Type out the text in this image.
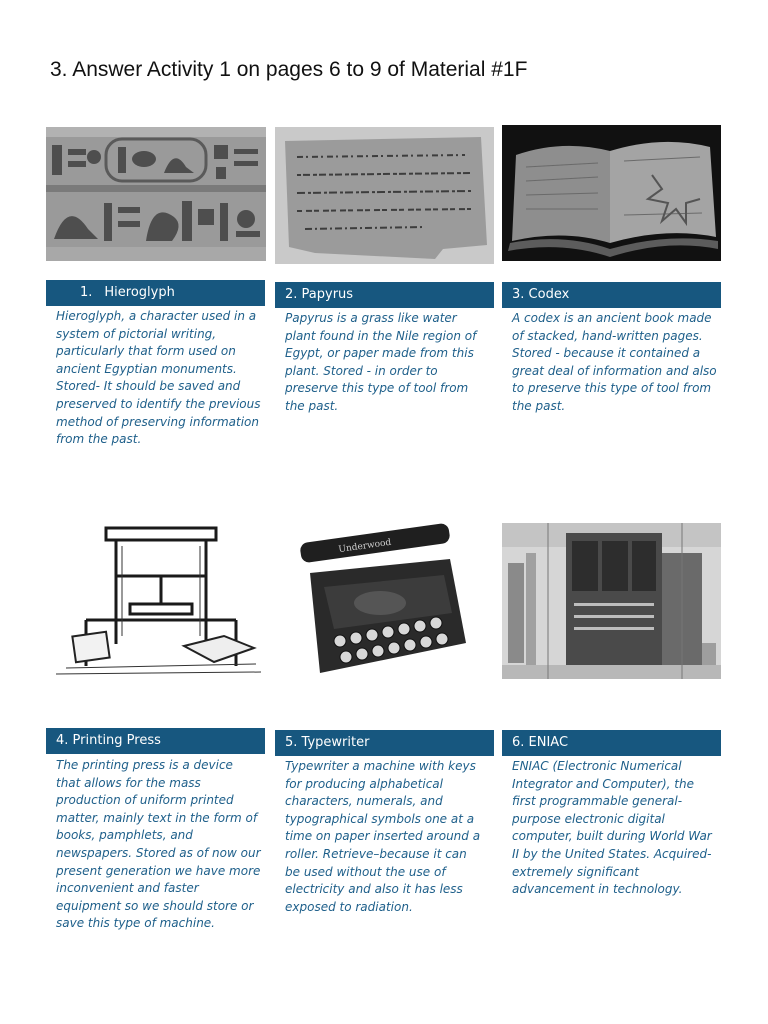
3. Answer Activity 1 on pages 6 to 9 of Material #1F
1. Hieroglyph	2. Papyrus	3. Codex
Hieroglyph, a character used in a system of pictorial writing, particularly that form used on ancient Egyptian monuments. Stored- It should be saved and preserved to identify the previous method of preserving information from the past.
Papyrus is a grass like water plant found in the Nile region of Egypt, or paper made from this plant. Stored - in order to preserve this type of tool from the past.
A codex is an ancient book made of stacked, hand-written pages. Stored - because it contained a great deal of information and also to preserve this type of tool from the past.
Underwood
4. Printing Press	5. Typewriter	6. ENIAC
The printing press is a device that allows for the mass production of uniform printed matter, mainly text in the form of books, pamphlets, and newspapers. Stored as of now our present generation we have more inconvenient and faster equipment so we should store or save this type of machine.
Typewriter a machine with keys for producing alphabetical characters, numerals, and typographical symbols one at a time on paper inserted around a roller. Retrieve–because it can be used without the use of electricity and also it has less exposed to radiation.
ENIAC (Electronic Numerical Integrator and Computer), the first programmable general-purpose electronic digital computer, built during World War II by the United States. Acquired- extremely significant advancement in technology.
